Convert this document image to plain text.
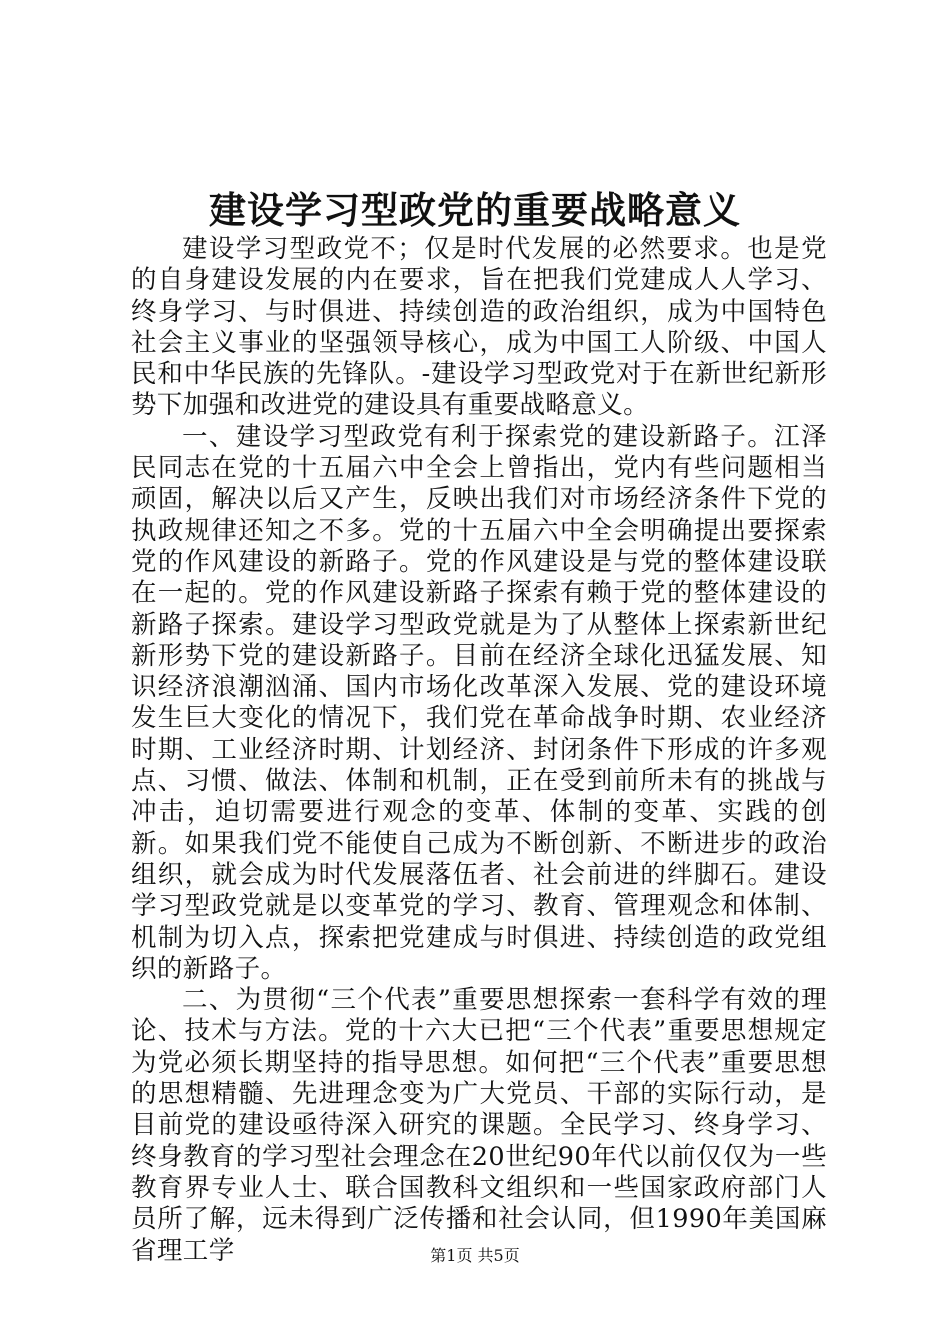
建设学习型政党的重要战略意义

建设学习型政党不；仅是时代发展的必然要求。也是党的自身建设发展的内在要求，旨在把我们党建成人人学习、终身学习、与时俱进、持续创造的政治组织，成为中国特色社会主义事业的坚强领导核心，成为中国工人阶级、中国人民和中华民族的先锋队。-建设学习型政党对于在新世纪新形势下加强和改进党的建设具有重要战略意义。

一、建设学习型政党有利于探索党的建设新路子。江泽民同志在党的十五届六中全会上曾指出，党内有些问题相当顽固，解决以后又产生，反映出我们对市场经济条件下党的执政规律还知之不多。党的十五届六中全会明确提出要探索党的作风建设的新路子。党的作风建设是与党的整体建设联在一起的。党的作风建设新路子探索有赖于党的整体建设的新路子探索。建设学习型政党就是为了从整体上探索新世纪新形势下党的建设新路子。目前在经济全球化迅猛发展、知识经济浪潮汹涌、国内市场化改革深入发展、党的建设环境发生巨大变化的情况下，我们党在革命战争时期、农业经济时期、工业经济时期、计划经济、封闭条件下形成的许多观点、习惯、做法、体制和机制，正在受到前所未有的挑战与冲击，迫切需要进行观念的变革、体制的变革、实践的创新。如果我们党不能使自己成为不断创新、不断进步的政治组织，就会成为时代发展落伍者、社会前进的绊脚石。建设学习型政党就是以变革党的学习、教育、管理观念和体制、机制为切入点，探索把党建成与时俱进、持续创造的政党组织的新路子。

二、为贯彻“三个代表”重要思想探索一套科学有效的理论、技术与方法。党的十六大已把“三个代表”重要思想规定为党必须长期坚持的指导思想。如何把“三个代表”重要思想的思想精髓、先进理念变为广大党员、干部的实际行动，是目前党的建设亟待深入研究的课题。全民学习、终身学习、终身教育的学习型社会理念在20世纪90年代以前仅仅为一些教育界专业人士、联合国教科文组织和一些国家政府部门人员所了解，远未得到广泛传播和社会认同，但1990年美国麻省理工学	第1页 共5页
